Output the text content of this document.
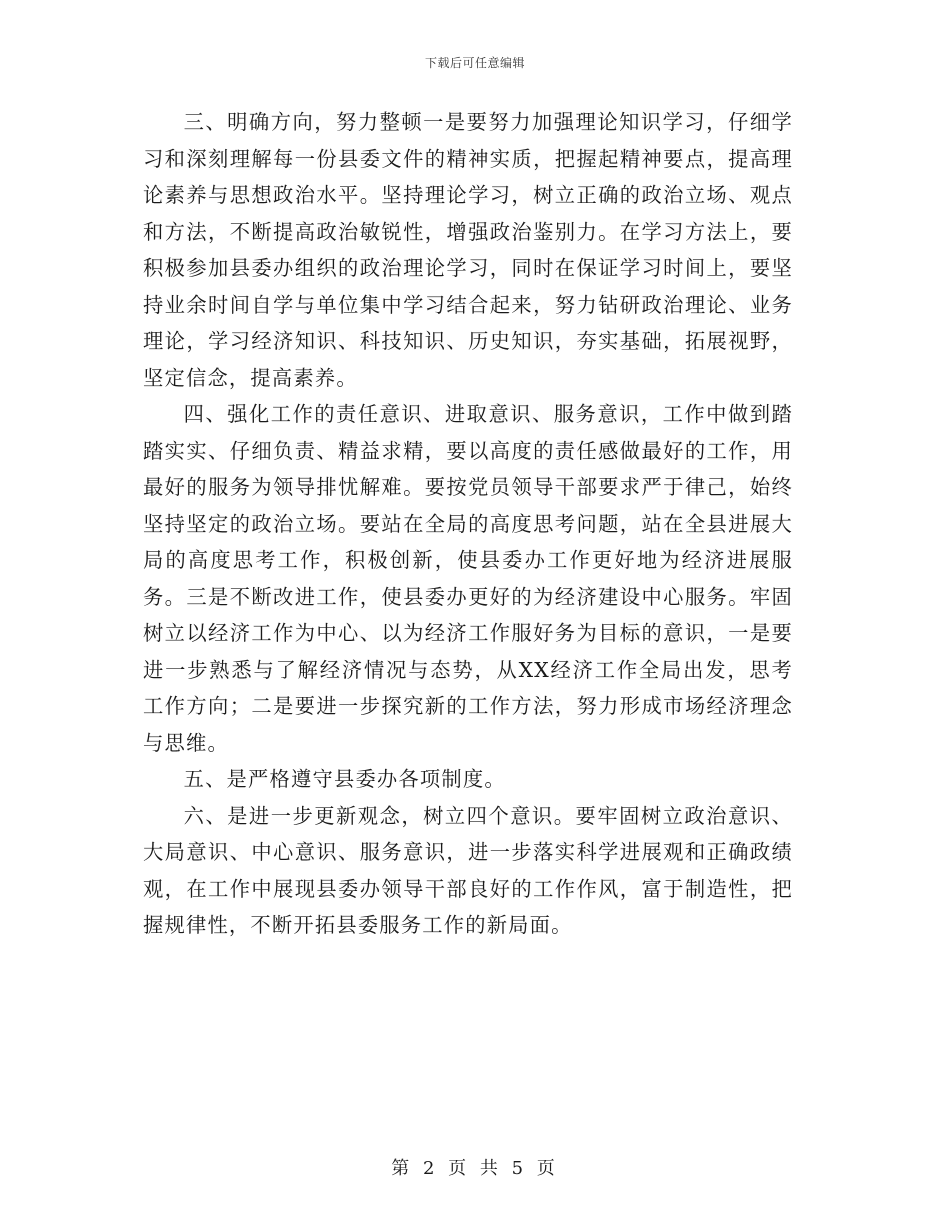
下载后可任意编辑

三、明确方向，努力整顿一是要努力加强理论知识学习，仔细学习和深刻理解每一份县委文件的精神实质，把握起精神要点，提高理论素养与思想政治水平。坚持理论学习，树立正确的政治立场、观点和方法，不断提高政治敏锐性，增强政治鉴别力。在学习方法上，要积极参加县委办组织的政治理论学习，同时在保证学习时间上，要坚持业余时间自学与单位集中学习结合起来，努力钻研政治理论、业务理论，学习经济知识、科技知识、历史知识，夯实基础，拓展视野，坚定信念，提高素养。

四、强化工作的责任意识、进取意识、服务意识，工作中做到踏踏实实、仔细负责、精益求精，要以高度的责任感做最好的工作，用最好的服务为领导排忧解难。要按党员领导干部要求严于律己，始终坚持坚定的政治立场。要站在全局的高度思考问题，站在全县进展大局的高度思考工作，积极创新，使县委办工作更好地为经济进展服务。三是不断改进工作，使县委办更好的为经济建设中心服务。牢固树立以经济工作为中心、以为经济工作服好务为目标的意识，一是要进一步熟悉与了解经济情况与态势，从XX经济工作全局出发，思考工作方向；二是要进一步探究新的工作方法，努力形成市场经济理念与思维。

五、是严格遵守县委办各项制度。

六、是进一步更新观念，树立四个意识。要牢固树立政治意识、大局意识、中心意识、服务意识，进一步落实科学进展观和正确政绩观，在工作中展现县委办领导干部良好的工作作风，富于制造性，把握规律性，不断开拓县委服务工作的新局面。

第 2 页 共 5 页
